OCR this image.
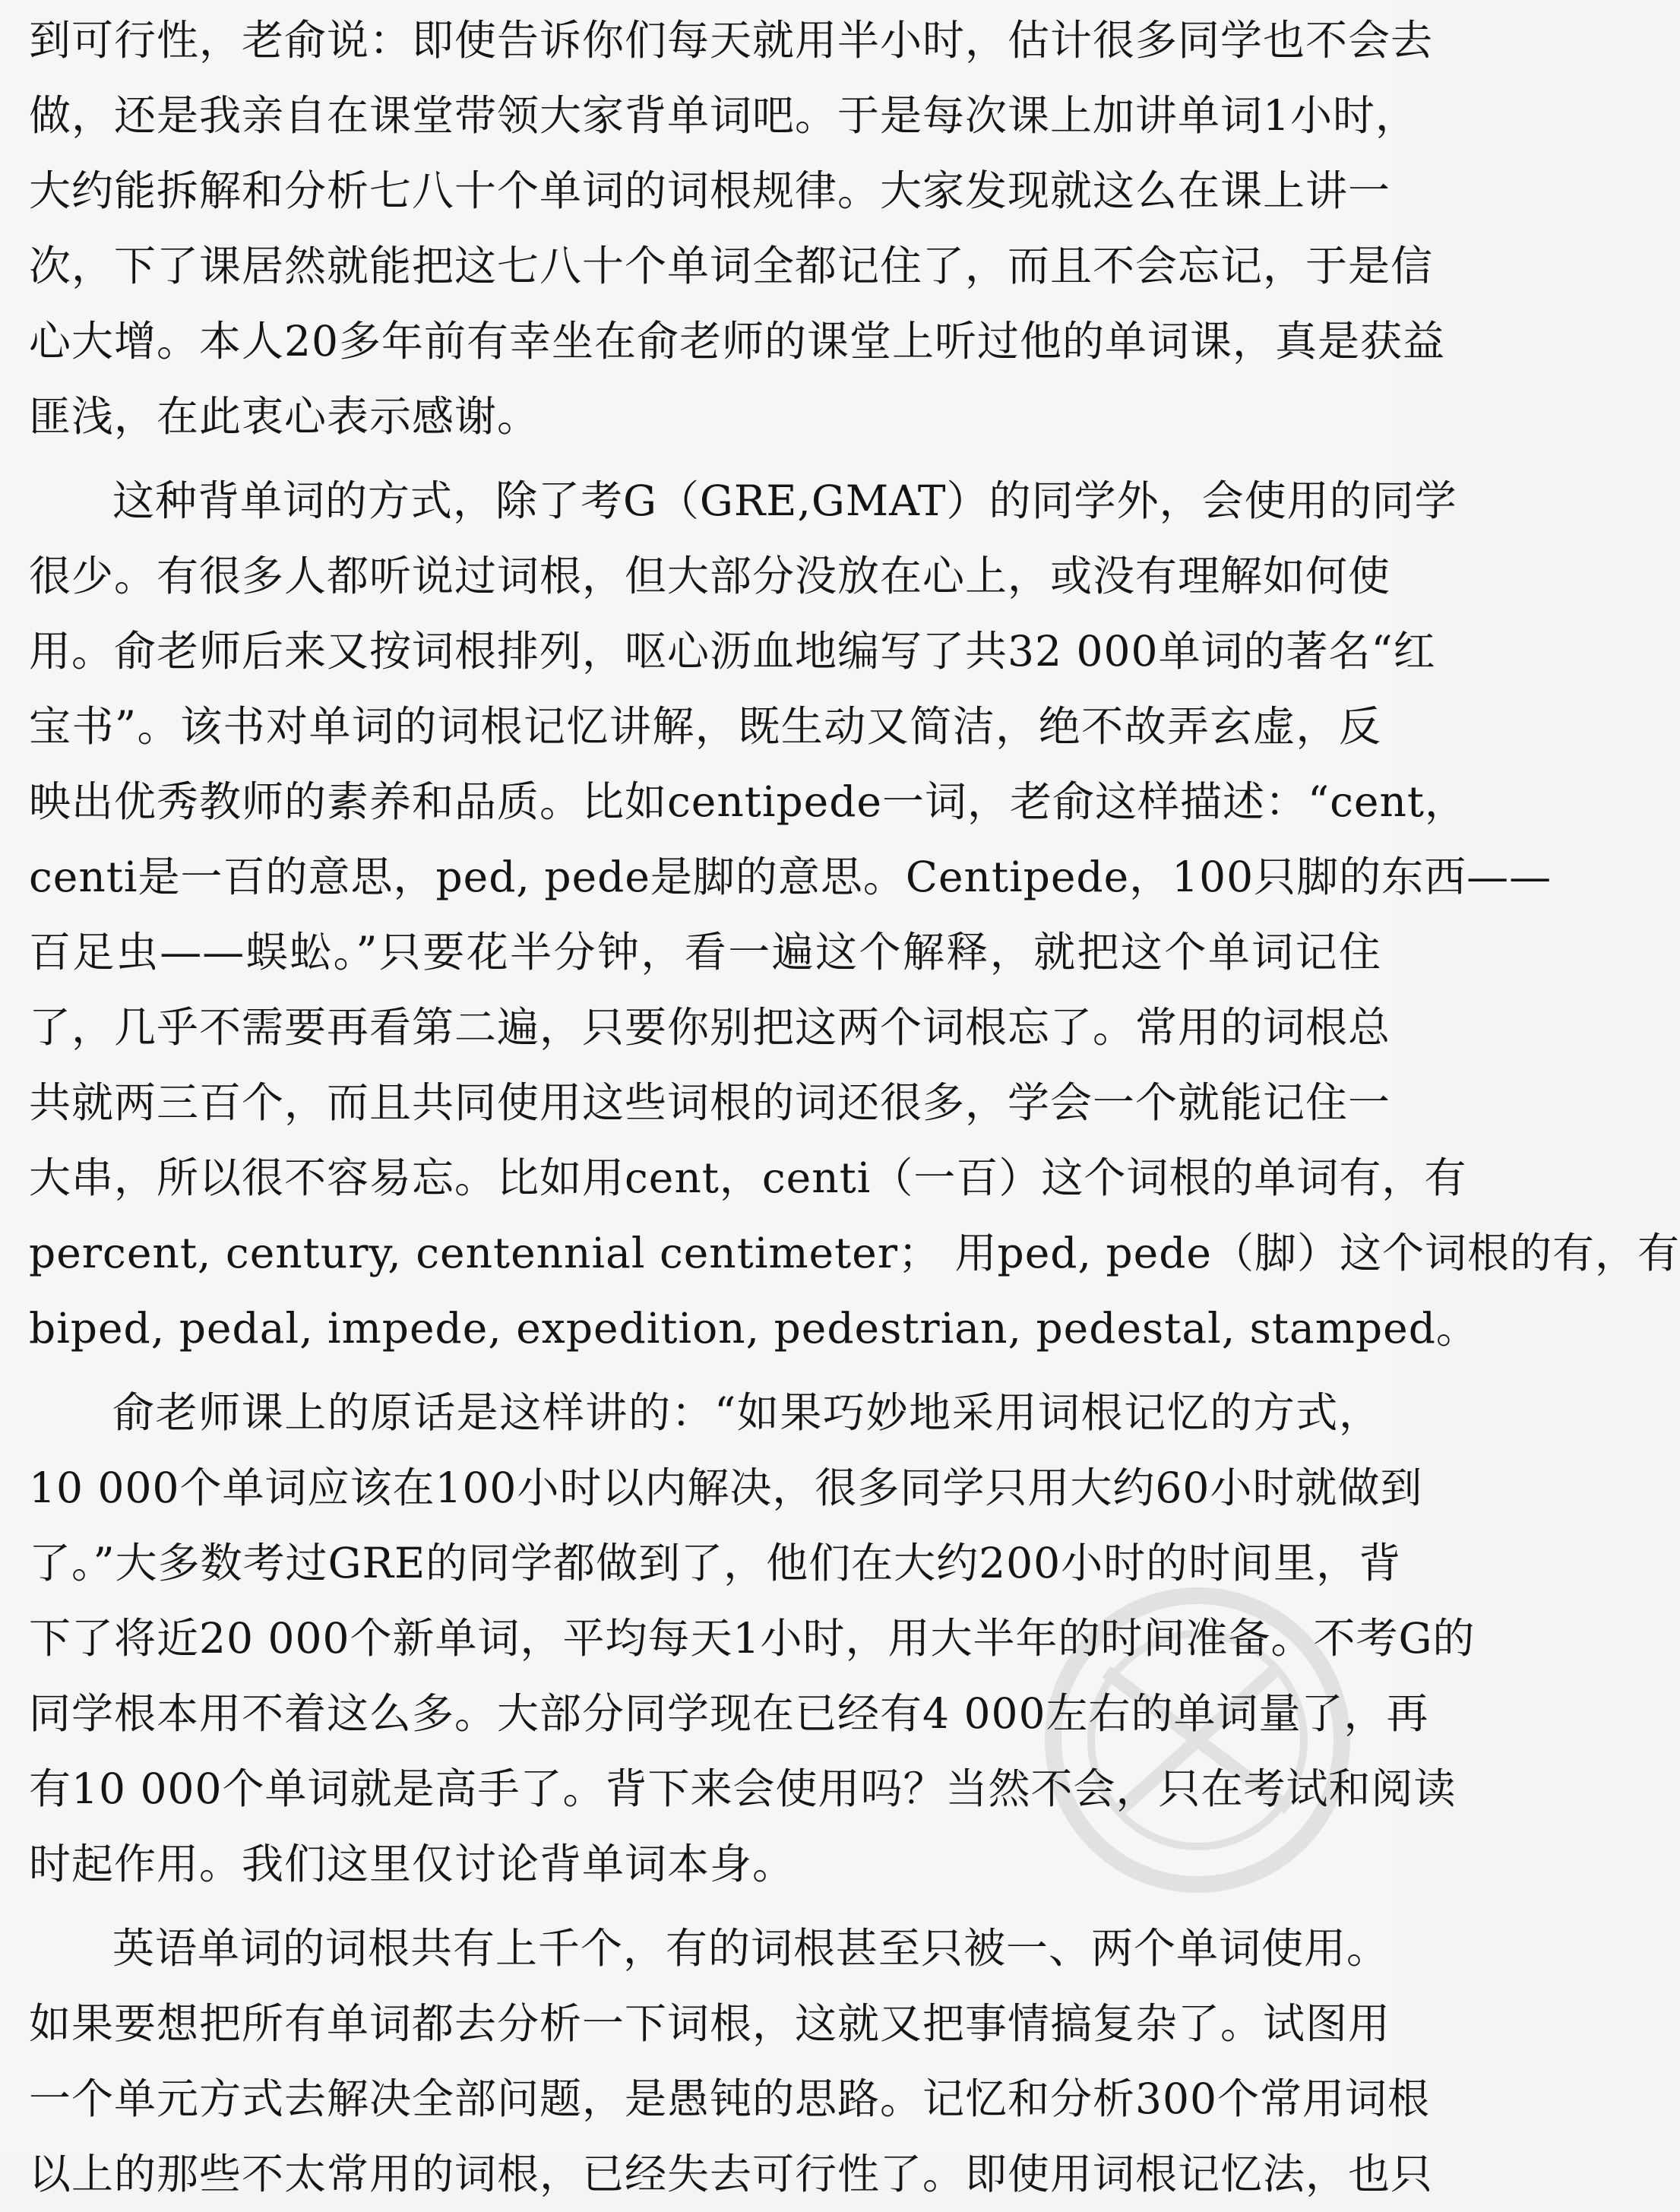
到可行性，老俞说：即使告诉你们每天就用半小时，估计很多同学也不会去
做，还是我亲自在课堂带领大家背单词吧。于是每次课上加讲单词1小时，
大约能拆解和分析七八十个单词的词根规律。大家发现就这么在课上讲一
次，下了课居然就能把这七八十个单词全都记住了，而且不会忘记，于是信
心大增。本人20多年前有幸坐在俞老师的课堂上听过他的单词课，真是获益
匪浅，在此衷心表示感谢。
这种背单词的方式，除了考G（GRE,GMAT）的同学外，会使用的同学
很少。有很多人都听说过词根，但大部分没放在心上，或没有理解如何使
用。俞老师后来又按词根排列，呕心沥血地编写了共32 000单词的著名“红
宝书”。该书对单词的词根记忆讲解，既生动又简洁，绝不故弄玄虚，反
映出优秀教师的素养和品质。比如centipede一词，老俞这样描述：“cent，
centi是一百的意思，ped, pede是脚的意思。Centipede，100只脚的东西——
百足虫——蜈蚣。”只要花半分钟，看一遍这个解释，就把这个单词记住
了，几乎不需要再看第二遍，只要你别把这两个词根忘了。常用的词根总
共就两三百个，而且共同使用这些词根的词还很多，学会一个就能记住一
大串，所以很不容易忘。比如用cent，centi（一百）这个词根的单词有，有
percent, century, centennial centimeter； 用ped, pede（脚）这个词根的有，有
biped, pedal, impede, expedition, pedestrian, pedestal, stamped。
俞老师课上的原话是这样讲的：“如果巧妙地采用词根记忆的方式，
10 000个单词应该在100小时以内解决，很多同学只用大约60小时就做到
了。”大多数考过GRE的同学都做到了，他们在大约200小时的时间里，背
下了将近20 000个新单词，平均每天1小时，用大半年的时间准备。不考G的
同学根本用不着这么多。大部分同学现在已经有4 000左右的单词量了，再
有10 000个单词就是高手了。背下来会使用吗？当然不会，只在考试和阅读
时起作用。我们这里仅讨论背单词本身。
英语单词的词根共有上千个，有的词根甚至只被一、两个单词使用。
如果要想把所有单词都去分析一下词根，这就又把事情搞复杂了。试图用
一个单元方式去解决全部问题，是愚钝的思路。记忆和分析300个常用词根
以上的那些不太常用的词根，已经失去可行性了。即使用词根记忆法，也只
